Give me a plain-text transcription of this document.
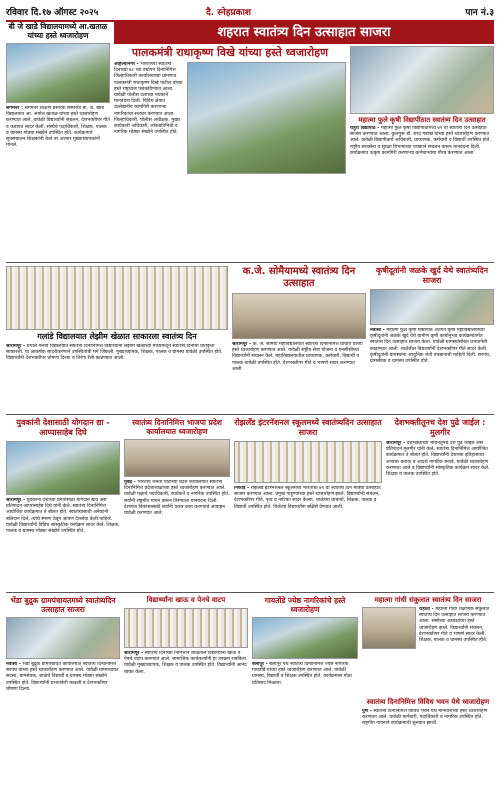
रविवार दि.१७ ऑगस्ट २०२५	दै. स्नेहप्रकाश	पान नं.३
बी जे खाडे विद्यालयामध्ये आ.खताळ यांच्या हस्ते ध्वजारोहण
संगमनेर : संगमनेर शिक्षण प्रसारक संस्थेच्या बी. जे. खाडे विद्यालयात आ. अमोल खताळ यांच्या हस्ते ध्वजारोहण करण्यात आले. यावेळी विद्यार्थ्यांनी संचलन, देशभक्तीपर गीते व कवायत सादर केली. संस्थेचे पदाधिकारी, शिक्षक, पालक व ग्रामस्थ मोठ्या संख्येने उपस्थित होते. कार्यक्रमाचे सूत्रसंचालन शिक्षकांनी केले तर आभार मुख्याध्यापकांनी मानले.
शहरात स्वातंत्र्य दिन उत्साहात साजरा
पालकमंत्री राधाकृष्ण विखे यांच्या हस्ते ध्वजारोहण
अहिल्यानगर - भारताच्या स्वातंत्र्य दिनाच्या ७८ व्या वर्धापन दिनानिमित्त जिल्हाधिकारी कार्यालयाच्या प्रांगणात पालकमंत्री राधाकृष्ण विखे पाटील यांच्या हस्ते राष्ट्रध्वज फडकविण्यात आला. यावेळी पोलीस दलाच्या पथकाने मानवंदना दिली. विविध क्षेत्रात उल्लेखनीय कामगिरी करणाऱ्या नागरिकांचा सत्कार करण्यात आला. जिल्हाधिकारी, पोलीस अधीक्षक, मुख्य कार्यकारी अधिकारी, लोकप्रतिनिधी व नागरिक मोठ्या संख्येने उपस्थित होते.
महात्मा फुले कृषी विद्यापीठात स्वातंत्र्य दिन उत्साहात
राहुरी विद्यापीठ - महात्मा फुले कृषी विद्यापीठामध्ये ७९ वा स्वातंत्र्य दिन उत्साहात साजरा करण्यात आला. कुलगुरू डॉ. शरद गडाख यांच्या हस्ते ध्वजारोहण करण्यात आले. यावेळी विद्यापीठाचे अधिकारी, प्राध्यापक, कर्मचारी व विद्यार्थी उपस्थित होते. राष्ट्रीय छात्रसेना व सुरक्षा विभागाच्या पथकाने संचलन करून मानवंदना दिली. कार्यक्रमात उत्कृष्ट कामगिरी करणाऱ्या कर्मचाऱ्यांचा गौरव करण्यात आला.
गलांडे विद्यालयात लेझीम खेळात साकारला स्वातंत्र्य दिन
श्रीरामपूर - येथील गलांडे विद्यालयात स्वातंत्र्य दिनानिमित्त विद्यार्थ्यांनी लेझीम खेळाच्या माध्यमातून स्वातंत्र्य दिनाची प्रतिकृती साकारली. या आकर्षक सादरीकरणाने उपस्थितांची मने जिंकली. मुख्याध्यापक, शिक्षक, पालक व ग्रामस्थ यावेळी उपस्थित होते. विद्यार्थ्यांनी देशभक्तीपर घोषणा दिल्या व तिरंगा रॅली काढण्यात आली.
क.जे. सोमैयामध्ये स्वातंत्र्य दिन उत्साहात
श्रीरामपूर - के. जे. सोमैया महाविद्यालयात स्वातंत्र्य दिनानिमित्त प्राचार्य यांच्या हस्ते ध्वजारोहण करण्यात आले. यावेळी राष्ट्रीय सेवा योजना व एनसीसीच्या विद्यार्थ्यांनी संचलन केले. महाविद्यालयातील प्राध्यापक, कर्मचारी, विद्यार्थी व पालक यावेळी उपस्थित होते. देशभक्तीपर गीते व भाषणे सादर करण्यात आली.
कृषीदूतांनी जळके खुर्द येथे स्वातंत्र्यदिन साजरा
नेवासा - महात्मा फुले कृषी विद्यापीठ अंतर्गत कृषी महाविद्यालयाच्या कृषीदूतांनी जळके खुर्द येथे ग्रामीण कृषी कार्यानुभव कार्यक्रमांतर्गत स्वातंत्र्य दिन उत्साहात साजरा केला. यावेळी ग्रामस्थांसोबत प्रभातफेरी काढण्यात आली. शाळेतील विद्यार्थ्यांनी देशभक्तीपर गीते सादर केली. कृषीदूतांनी ग्रामस्थांना आधुनिक शेती तंत्रज्ञानाची माहिती दिली. सरपंच, ग्रामसेवक व ग्रामस्थ उपस्थित होते.
युवकांनी देशासाठी योगदान द्या - आप्पासाहेब दिघे
श्रीरामपूर - युवकांनी देशाच्या प्रगतीसाठी योगदान द्यावे असे प्रतिपादन आप्पासाहेब दिघे यांनी केले. स्वातंत्र्य दिनानिमित्त आयोजित कार्यक्रमात ते बोलत होते. स्वातंत्र्यासाठी अनेकांनी बलिदान दिले, त्यांचे स्मरण ठेवून आपण देशसेवा केली पाहिजे. यावेळी विद्यार्थ्यांनी विविध सांस्कृतिक कार्यक्रम सादर केले. शिक्षक, पालक व ग्रामस्थ मोठ्या संख्येने उपस्थित होते.
स्वातंत्र्य दिनानिमित्त भाजपा प्रदेश कार्यालयात ध्वजारोहण
मुंबई - भारतीय जनता पार्टीच्या प्रदेश कार्यालयात स्वातंत्र्य दिनानिमित्त प्रदेशाध्यक्षांच्या हस्ते ध्वजारोहण करण्यात आले. यावेळी पक्षाचे पदाधिकारी, कार्यकर्ते व नागरिक उपस्थित होते. सर्वांनी राष्ट्रगीत गायन करून तिरंग्याला मानवंदना दिली. देशाच्या विकासासाठी सर्वांनी एकत्र काम करण्याचे आवाहन यावेळी करण्यात आले.
रोझलँड इंटरनॅशनल स्कूलमध्ये स्वातंत्र्यदिन उत्साहात साजरा
निफाड - रोझलँड इंटरनॅशनल स्कूलमध्ये भारताचा ७९ वा स्वातंत्र्य दिन मोठ्या उत्साहात साजरा करण्यात आला. प्रमुख पाहुण्यांच्या हस्ते ध्वजारोहण झाले. विद्यार्थ्यांनी संचलन, देशभक्तीपर गीते, नृत्य व नाटिका सादर केल्या. शाळेच्या प्राचार्या, शिक्षक, पालक व विद्यार्थी उपस्थित होते. विजेत्या विद्यार्थ्यांना बक्षिसे देण्यात आली.
देशभक्तीतूनच देश पुढे जाईल : मुलगीर
श्रीरामपूर - देशभक्तीच्या भावनेतूनच देश पुढे जाईल असे प्रतिपादन मुलगीर यांनी केले. स्वातंत्र्य दिनानिमित्त आयोजित कार्यक्रमात ते बोलत होते. विद्यार्थ्यांनी देशाच्या इतिहासाचा अभ्यास करावा व आदर्श नागरिक बनावे. यावेळी ध्वजारोहण करण्यात आले व विद्यार्थ्यांनी सांस्कृतिक कार्यक्रम सादर केले. शिक्षक व पालक उपस्थित होते.
भेंडा बुद्रुक ग्रामपंचायतमध्ये स्वातंत्र्यदिन उत्साहात साजरा
नेवासा - भेंडा बुद्रुक ग्रामपंचायत कार्यालयात स्वातंत्र्य दिनानिमित्त सरपंच यांच्या हस्ते ध्वजारोहण करण्यात आले. यावेळी ग्रामपंचायत सदस्य, ग्रामसेवक, शाळेचे विद्यार्थी व ग्रामस्थ मोठ्या संख्येने उपस्थित होते. विद्यार्थ्यांनी प्रभातफेरी काढली व देशभक्तीपर घोषणा दिल्या.
विद्यार्थ्यांना खाऊ व पेनचे वाटप
श्रीरामपूर - स्वातंत्र्य दिनाच्या निमित्ताने शाळेतील विद्यार्थ्यांना खाऊ व पेनचे वाटप करण्यात आले. सामाजिक कार्यकर्त्यांनी हा उपक्रम राबविला. यावेळी मुख्याध्यापक, शिक्षक व पालक उपस्थित होते. विद्यार्थ्यांनी आनंद व्यक्त केला.
गायतोंडे ज्येष्ठ नागरिकांचे हस्ते ध्वजारोहण
बेलापूर - बेलापूर येथे स्वातंत्र्य दिनानिमित्त ज्येष्ठ नागरिक गायतोंडे यांच्या हस्ते ध्वजारोहण करण्यात आले. यावेळी ग्रामस्थ, विद्यार्थी व शिक्षक उपस्थित होते. कार्यक्रमास मोठा प्रतिसाद मिळाला.
महात्मा गांधी संकुलात स्वातंत्र्य दिन साजरा
राहाता - महात्मा गांधी शैक्षणिक संकुलात स्वातंत्र्य दिन उत्साहात साजरा करण्यात आला. संस्थेच्या अध्यक्षांच्या हस्ते ध्वजारोहण झाले. विद्यार्थ्यांनी संचलन, देशभक्तीपर गीते व भाषणे सादर केली. शिक्षक, पालक व ग्रामस्थ उपस्थित होते.
स्वातंत्र्य दिनानिमित्त विविध भवन येथे ध्वजारोहण
पुणे - स्वातंत्र्य दिनानिमित्त विविध भवन येथे मान्यवरांच्या हस्ते ध्वजारोहण करण्यात आले. यावेळी कर्मचारी, पदाधिकारी व नागरिक उपस्थित होते. राष्ट्रगीत गायनाने कार्यक्रमाची सुरुवात झाली.
